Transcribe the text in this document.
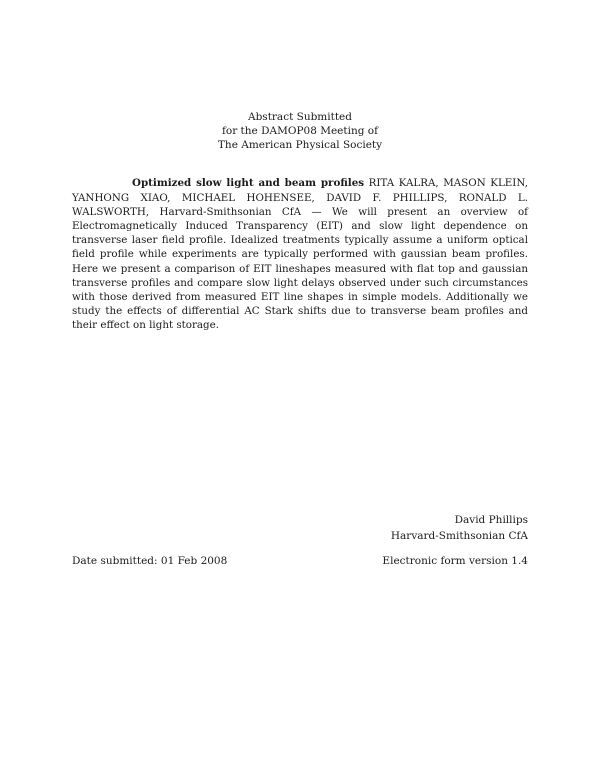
Abstract Submitted
for the DAMOP08 Meeting of
The American Physical Society

Optimized slow light and beam profiles RITA KALRA, MASON KLEIN, YANHONG XIAO, MICHAEL HOHENSEE, DAVID F. PHILLIPS, RONALD L. WALSWORTH, Harvard-Smithsonian CfA — We will present an overview of Electromagnetically Induced Transparency (EIT) and slow light dependence on transverse laser field profile. Idealized treatments typically assume a uniform optical field profile while experiments are typically performed with gaussian beam profiles. Here we present a comparison of EIT lineshapes measured with flat top and gaussian transverse profiles and compare slow light delays observed under such circumstances with those derived from measured EIT line shapes in simple models. Additionally we study the effects of differential AC Stark shifts due to transverse beam profiles and their effect on light storage.

David Phillips
Harvard-Smithsonian CfA
Date submitted: 01 Feb 2008	Electronic form version 1.4
